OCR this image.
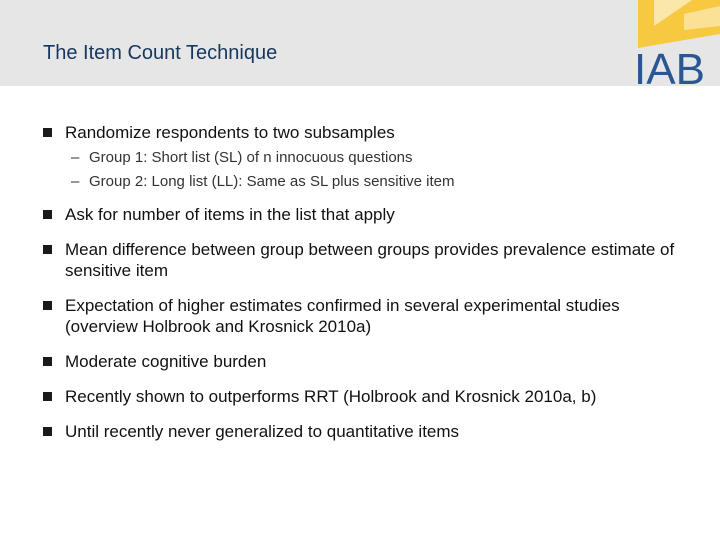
The Item Count Technique	IAB
Randomize respondents to two subsamples
– Group 1: Short list (SL) of n innocuous questions
– Group 2: Long list (LL): Same as SL plus sensitive item
Ask for number of items in the list that apply
Mean difference between group between groups provides prevalence estimate of sensitive item
Expectation of higher estimates confirmed in several experimental studies (overview Holbrook and Krosnick 2010a)
Moderate cognitive burden
Recently shown to outperforms RRT (Holbrook and Krosnick 2010a, b)
Until recently never generalized to quantitative items
